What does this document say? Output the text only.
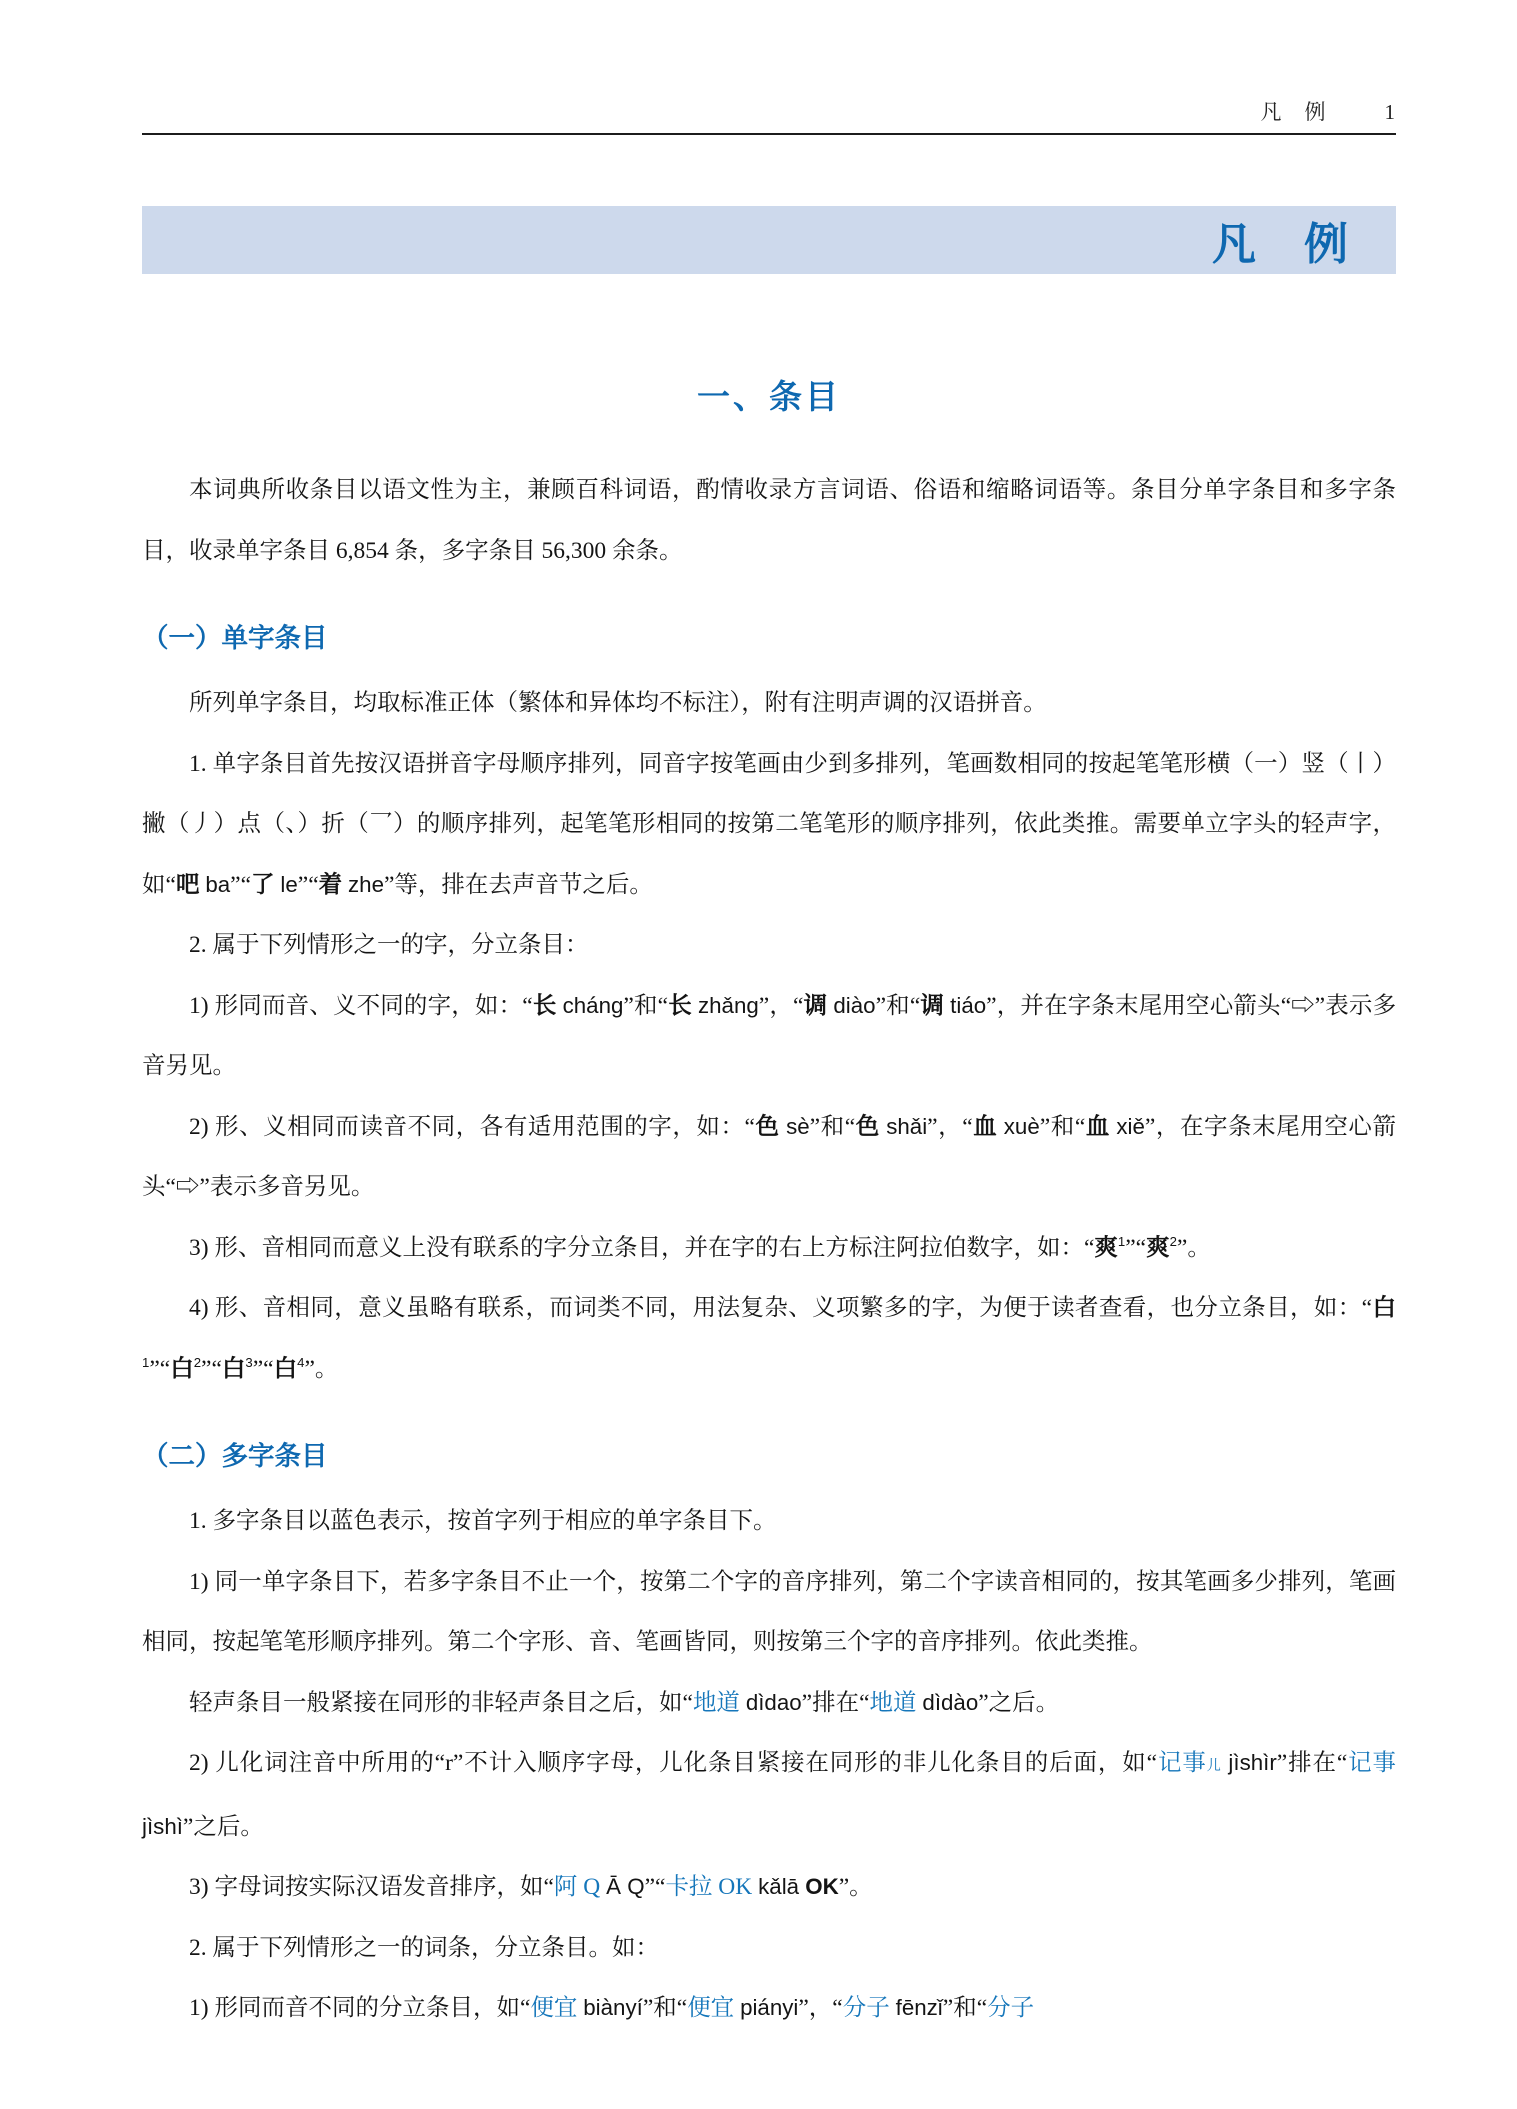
凡　例	1
凡　例
一、条目

本词典所收条目以语文性为主，兼顾百科词语，酌情收录方言词语、俗语和缩略词语等。条目分单字条目和多字条目，收录单字条目 6,854 条，多字条目 56,300 余条。

（一）单字条目

所列单字条目，均取标准正体（繁体和异体均不标注），附有注明声调的汉语拼音。

1. 单字条目首先按汉语拼音字母顺序排列，同音字按笔画由少到多排列，笔画数相同的按起笔笔形横（一）竖（丨）撇（丿）点（、）折（乛）的顺序排列，起笔笔形相同的按第二笔笔形的顺序排列，依此类推。需要单立字头的轻声字，如“吧 ba”“了 le”“着 zhe”等，排在去声音节之后。

2. 属于下列情形之一的字，分立条目：

1) 形同而音、义不同的字，如：“长 cháng”和“长 zhǎng”，“调 diào”和“调 tiáo”，并在字条末尾用空心箭头“⇨”表示多音另见。

2) 形、义相同而读音不同，各有适用范围的字，如：“色 sè”和“色 shǎi”，“血 xuè”和“血 xiě”，在字条末尾用空心箭头“⇨”表示多音另见。

3) 形、音相同而意义上没有联系的字分立条目，并在字的右上方标注阿拉伯数字，如：“爽$^1$”“爽$^2$”。

4) 形、音相同，意义虽略有联系，而词类不同，用法复杂、义项繁多的字，为便于读者查看，也分立条目，如：“白$^1$”“白$^2$”“白$^3$”“白$^4$”。

（二）多字条目

1. 多字条目以蓝色表示，按首字列于相应的单字条目下。

1) 同一单字条目下，若多字条目不止一个，按第二个字的音序排列，第二个字读音相同的，按其笔画多少排列，笔画相同，按起笔笔形顺序排列。第二个字形、音、笔画皆同，则按第三个字的音序排列。依此类推。

轻声条目一般紧接在同形的非轻声条目之后，如“地道 dìdao”排在“地道 dìdào”之后。

2) 儿化词注音中所用的“r”不计入顺序字母，儿化条目紧接在同形的非儿化条目的后面，如“记事儿 jìshìr”排在“记事 jìshì”之后。

3) 字母词按实际汉语发音排序，如“阿 Q Ā Q”“卡拉 OK kǎlā OK”。

2. 属于下列情形之一的词条，分立条目。如：

1) 形同而音不同的分立条目，如“便宜 biànyí”和“便宜 piányi”，“分子 fēnzǐ”和“分子
